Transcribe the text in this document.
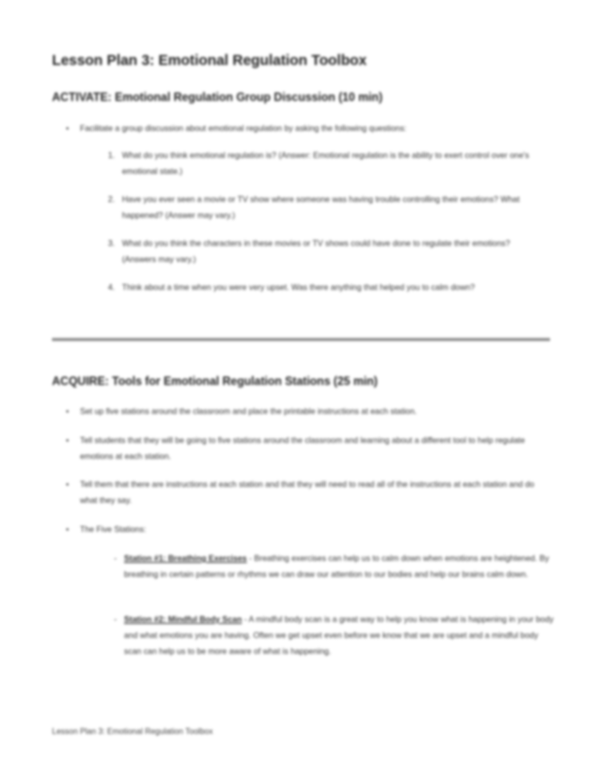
Lesson Plan 3: Emotional Regulation Toolbox
ACTIVATE: Emotional Regulation Group Discussion (10 min)
• Facilitate a group discussion about emotional regulation by asking the following questions:
1. What do you think emotional regulation is? (Answer: Emotional regulation is the ability to exert control over one's emotional state.)
2. Have you ever seen a movie or TV show where someone was having trouble controlling their emotions? What happened? (Answer may vary.)
3. What do you think the characters in these movies or TV shows could have done to regulate their emotions? (Answers may vary.)
4. Think about a time when you were very upset. Was there anything that helped you to calm down?
ACQUIRE: Tools for Emotional Regulation Stations (25 min)
• Set up five stations around the classroom and place the printable instructions at each station.
• Tell students that they will be going to five stations around the classroom and learning about a different tool to help regulate emotions at each station.
• Tell them that there are instructions at each station and that they will need to read all of the instructions at each station and do what they say.
• The Five Stations:
- Station #1: Breathing Exercises - Breathing exercises can help us to calm down when emotions are heightened. By breathing in certain patterns or rhythms we can draw our attention to our bodies and help our brains calm down.
- Station #2: Mindful Body Scan - A mindful body scan is a great way to help you know what is happening in your body and what emotions you are having. Often we get upset even before we know that we are upset and a mindful body scan can help us to be more aware of what is happening.
Lesson Plan 3: Emotional Regulation Toolbox
